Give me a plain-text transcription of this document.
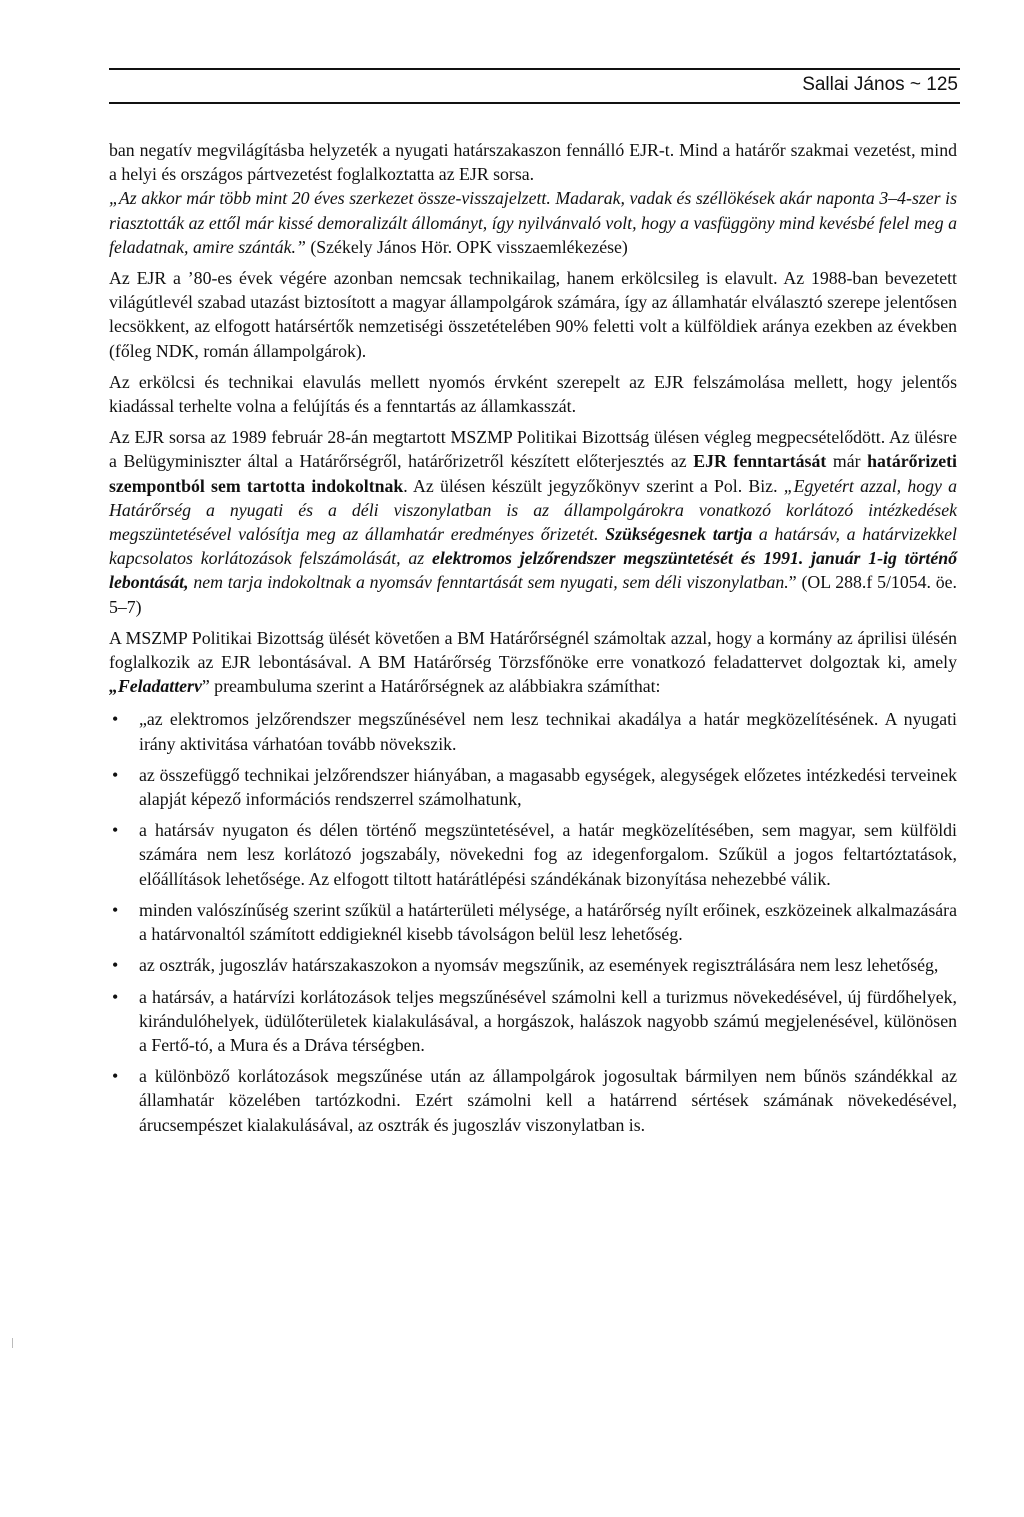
Sallai János ~ 125

ban negatív megvilágításba helyzeték a nyugati határszakaszon fennálló EJR-t. Mind a határőr szakmai vezetést, mind a helyi és országos pártvezetést foglalkoztatta az EJR sorsa.

„Az akkor már több mint 20 éves szerkezet össze-visszajelzett. Madarak, vadak és széllökések akár naponta 3–4-szer is riasztották az ettől már kissé demoralizált állományt, így nyilvánvaló volt, hogy a vasfüggöny mind kevésbé felel meg a feladatnak, amire szánták.” (Székely János Hör. OPK visszaemlékezése)

Az EJR a ’80-es évek végére azonban nemcsak technikailag, hanem erkölcsileg is elavult. Az 1988-ban bevezetett világútlevél szabad utazást biztosított a magyar állampolgárok számára, így az államhatár elválasztó szerepe jelentősen lecsökkent, az elfogott határsértők nemzetiségi összetételében 90% feletti volt a külföldiek aránya ezekben az években (főleg NDK, román állampolgárok).

Az erkölcsi és technikai elavulás mellett nyomós érvként szerepelt az EJR felszámolása mellett, hogy jelentős kiadással terhelte volna a felújítás és a fenntartás az államkasszát.

Az EJR sorsa az 1989 február 28-án megtartott MSZMP Politikai Bizottság ülésen végleg megpecsételődött. Az ülésre a Belügyminiszter által a Határőrségről, határőrizetről készített előterjesztés az EJR fenntartását már határőrizeti szempontból sem tartotta indokoltnak. Az ülésen készült jegyzőkönyv szerint a Pol. Biz. „Egyetért azzal, hogy a Határőrség a nyugati és a déli viszonylatban is az állampolgárokra vonatkozó korlátozó intézkedések megszüntetésével valósítja meg az államhatár eredményes őrizetét. Szükségesnek tartja a határsáv, a határvizekkel kapcsolatos korlátozások felszámolását, az elektromos jelzőrendszer megszüntetését és 1991. január 1-ig történő lebontását, nem tarja indokoltnak a nyomsáv fenntartását sem nyugati, sem déli viszonylatban.” (OL 288.f 5/1054. öe. 5–7)

A MSZMP Politikai Bizottság ülését követően a BM Határőrségnél számoltak azzal, hogy a kormány az áprilisi ülésén foglalkozik az EJR lebontásával. A BM Határőrség Törzsfőnöke erre vonatkozó feladattervet dolgoztak ki, amely „Feladatterv” preambuluma szerint a Határőrségnek az alábbiakra számíthat:

• „az elektromos jelzőrendszer megszűnésével nem lesz technikai akadálya a határ megközelítésének. A nyugati irány aktivitása várhatóan tovább növekszik.
• az összefüggő technikai jelzőrendszer hiányában, a magasabb egységek, alegységek előzetes intézkedési terveinek alapját képező információs rendszerrel számolhatunk,
• a határsáv nyugaton és délen történő megszüntetésével, a határ megközelítésében, sem magyar, sem külföldi számára nem lesz korlátozó jogszabály, növekedni fog az idegenforgalom. Szűkül a jogos feltartóztatások, előállítások lehetősége. Az elfogott tiltott határátlépési szándékának bizonyítása nehezebbé válik.
• minden valószínűség szerint szűkül a határterületi mélysége, a határőrség nyílt erőinek, eszközeinek alkalmazására a határvonaltól számított eddigieknél kisebb távolságon belül lesz lehetőség.
• az osztrák, jugoszláv határszakaszokon a nyomsáv megszűnik, az események regisztrálására nem lesz lehetőség,
• a határsáv, a határvízi korlátozások teljes megszűnésével számolni kell a turizmus növekedésével, új fürdőhelyek, kirándulóhelyek, üdülőterületek kialakulásával, a horgászok, halászok nagyobb számú megjelenésével, különösen a Fertő-tó, a Mura és a Dráva térségben.
• a különböző korlátozások megszűnése után az állampolgárok jogosultak bármilyen nem bűnös szándékkal az államhatár közelében tartózkodni. Ezért számolni kell a határrend sértések számának növekedésével, árucsempészet kialakulásával, az osztrák és jugoszláv viszonylatban is.
